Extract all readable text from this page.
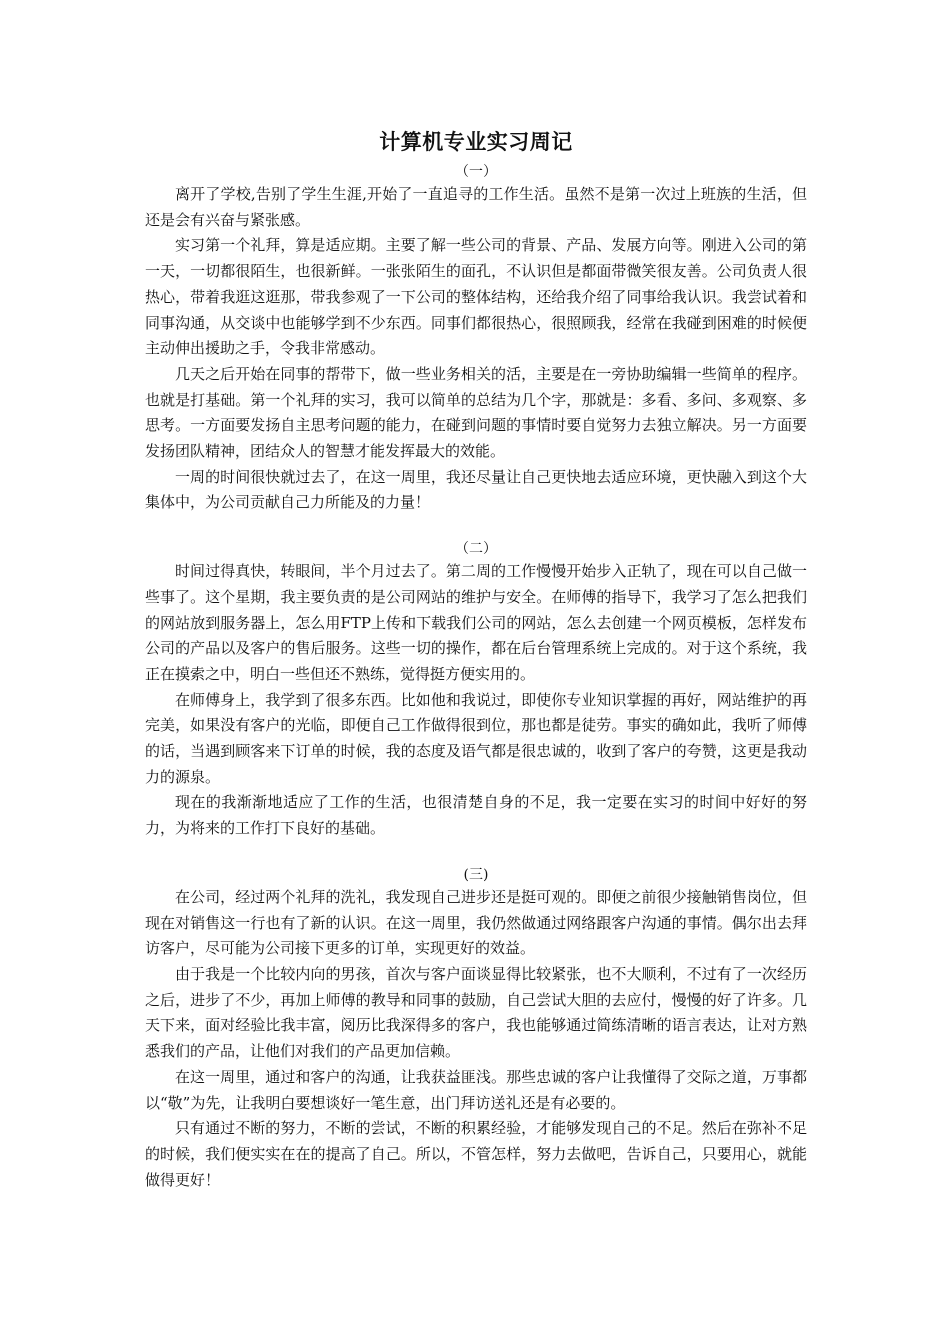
计算机专业实习周记

（一）

离开了学校,告别了学生生涯,开始了一直追寻的工作生活。虽然不是第一次过上班族的生活，但还是会有兴奋与紧张感。

实习第一个礼拜，算是适应期。主要了解一些公司的背景、产品、发展方向等。刚进入公司的第一天，一切都很陌生，也很新鲜。一张张陌生的面孔，不认识但是都面带微笑很友善。公司负责人很热心，带着我逛这逛那，带我参观了一下公司的整体结构，还给我介绍了同事给我认识。我尝试着和同事沟通，从交谈中也能够学到不少东西。同事们都很热心，很照顾我，经常在我碰到困难的时候便主动伸出援助之手，令我非常感动。

几天之后开始在同事的帮带下，做一些业务相关的活，主要是在一旁协助编辑一些简单的程序。也就是打基础。第一个礼拜的实习，我可以简单的总结为几个字，那就是：多看、多问、多观察、多思考。一方面要发扬自主思考问题的能力，在碰到问题的事情时要自觉努力去独立解决。另一方面要发扬团队精神，团结众人的智慧才能发挥最大的效能。

一周的时间很快就过去了，在这一周里，我还尽量让自己更快地去适应环境，更快融入到这个大集体中，为公司贡献自己力所能及的力量！

（二）

时间过得真快，转眼间，半个月过去了。第二周的工作慢慢开始步入正轨了，现在可以自己做一些事了。这个星期，我主要负责的是公司网站的维护与安全。在师傅的指导下，我学习了怎么把我们的网站放到服务器上，怎么用FTP上传和下载我们公司的网站，怎么去创建一个网页模板，怎样发布公司的产品以及客户的售后服务。这些一切的操作，都在后台管理系统上完成的。对于这个系统，我正在摸索之中，明白一些但还不熟练，觉得挺方便实用的。

在师傅身上，我学到了很多东西。比如他和我说过，即使你专业知识掌握的再好，网站维护的再完美，如果没有客户的光临，即便自己工作做得很到位，那也都是徒劳。事实的确如此，我听了师傅的话，当遇到顾客来下订单的时候，我的态度及语气都是很忠诚的，收到了客户的夸赞，这更是我动力的源泉。

现在的我渐渐地适应了工作的生活，也很清楚自身的不足，我一定要在实习的时间中好好的努力，为将来的工作打下良好的基础。

(三)

在公司，经过两个礼拜的洗礼，我发现自己进步还是挺可观的。即便之前很少接触销售岗位，但现在对销售这一行也有了新的认识。在这一周里，我仍然做通过网络跟客户沟通的事情。偶尔出去拜访客户，尽可能为公司接下更多的订单，实现更好的效益。

由于我是一个比较内向的男孩，首次与客户面谈显得比较紧张，也不大顺利，不过有了一次经历之后，进步了不少，再加上师傅的教导和同事的鼓励，自己尝试大胆的去应付，慢慢的好了许多。几天下来，面对经验比我丰富，阅历比我深得多的客户，我也能够通过简练清晰的语言表达，让对方熟悉我们的产品，让他们对我们的产品更加信赖。

在这一周里，通过和客户的沟通，让我获益匪浅。那些忠诚的客户让我懂得了交际之道，万事都以“敬”为先，让我明白要想谈好一笔生意，出门拜访送礼还是有必要的。

只有通过不断的努力，不断的尝试，不断的积累经验，才能够发现自己的不足。然后在弥补不足的时候，我们便实实在在的提高了自己。所以，不管怎样，努力去做吧，告诉自己，只要用心，就能做得更好！
